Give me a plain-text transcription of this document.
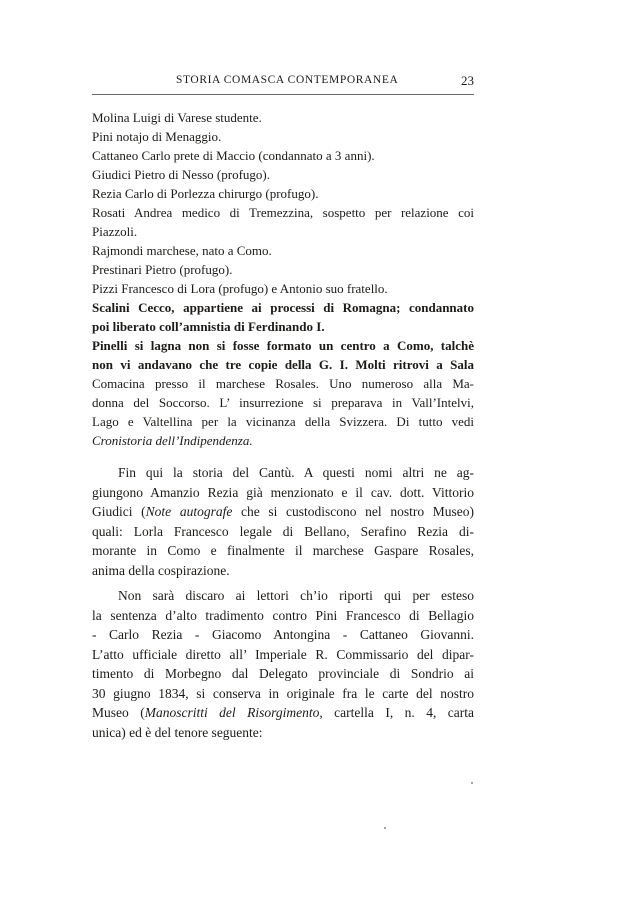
STORIA COMASCA CONTEMPORANEA	23
Molina Luigi di Varese studente.
Pini notajo di Menaggio.
Cattaneo Carlo prete di Maccio (condannato a 3 anni).
Giudici Pietro di Nesso (profugo).
Rezia Carlo di Porlezza chirurgo (profugo).
Rosati Andrea medico di Tremezzina, sospetto per relazione coi
Piazzoli.
Rajmondi marchese, nato a Como.
Prestinari Pietro (profugo).
Pizzi Francesco di Lora (profugo) e Antonio suo fratello.
Scalini Cecco, appartiene ai processi di Romagna; condannato
poi liberato coll’amnistia di Ferdinando I.
Pinelli si lagna non si fosse formato un centro a Como, talchè
non vi andavano che tre copie della G. I. Molti ritrovi a Sala
Comacina presso il marchese Rosales. Uno numeroso alla Ma-
donna del Soccorso. L’ insurrezione si preparava in Vall’Intelvi,
Lago e Valtellina per la vicinanza della Svizzera. Di tutto vedi
Cronistoria dell’Indipendenza.
Fin qui la storia del Cantù. A questi nomi altri ne ag-
giungono Amanzio Rezia già menzionato e il cav. dott. Vittorio
Giudici (Note autografe che si custodiscono nel nostro Museo)
quali: Lorla Francesco legale di Bellano, Serafino Rezia di-
morante in Como e finalmente il marchese Gaspare Rosales,
anima della cospirazione.
Non sarà discaro ai lettori ch’io riporti qui per esteso
la sentenza d’alto tradimento contro Pini Francesco di Bellagio
- Carlo Rezia - Giacomo Antongina - Cattaneo Giovanni.
L’atto ufficiale diretto all’ Imperiale R. Commissario del dipar-
timento di Morbegno dal Delegato provinciale di Sondrio ai
30 giugno 1834, si conserva in originale fra le carte del nostro
Museo (Manoscritti del Risorgimento, cartella I, n. 4, carta
unica) ed è del tenore seguente:
